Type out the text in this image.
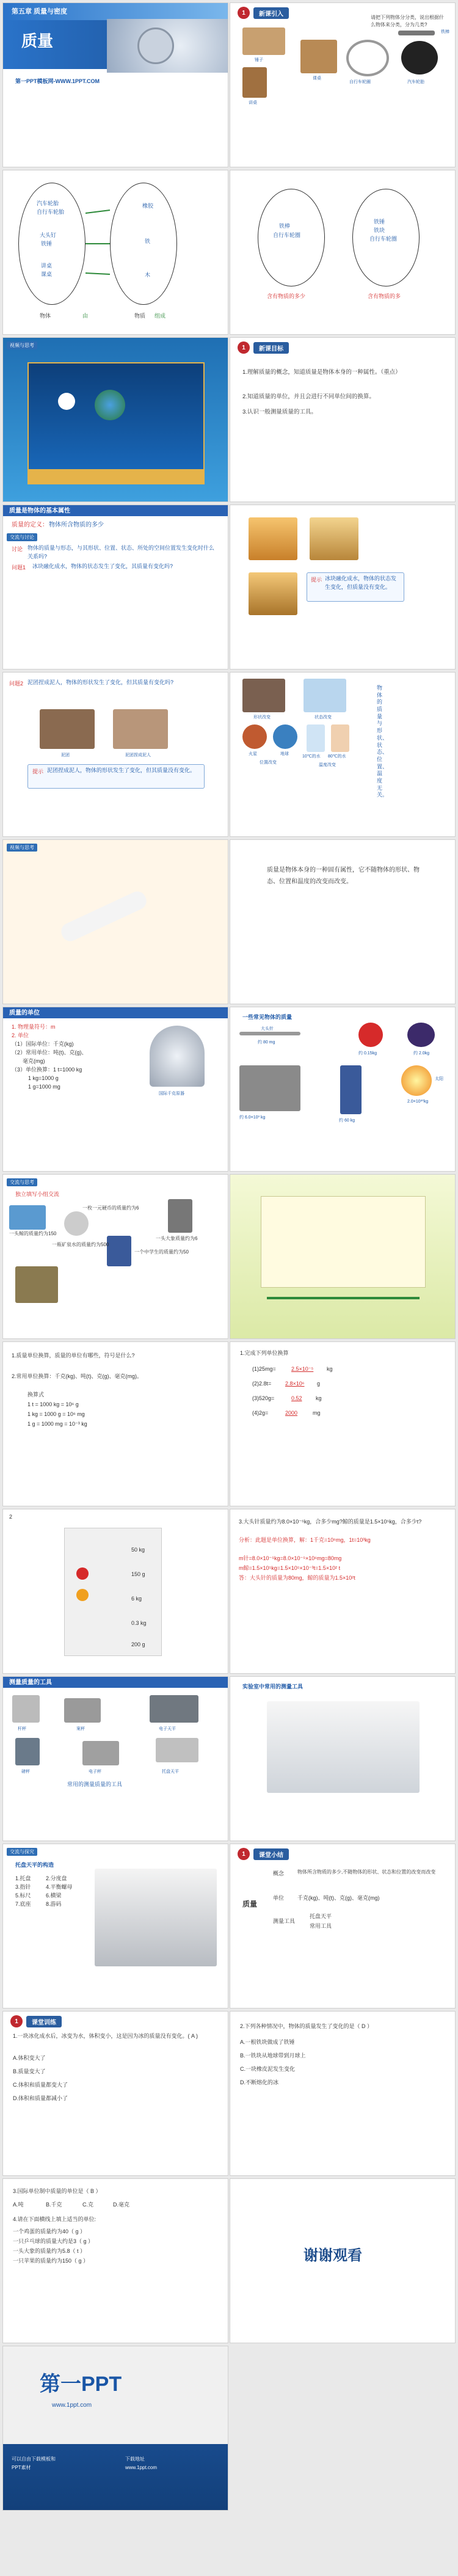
第五章 质量与密度
质量
第一PPT模板网-WWW.1PPT.COM
1	新课引入	请把下列物体分分类，说出根据什么物体来分类，分为几类?
锤子
讲桌
课桌
铁棒
自行车轮圈	汽车轮胎
汽车轮胎
自行车轮胎
大头钉
铁锤
讲桌
课桌
橡胶
铁
木
物体	由	物质 组成
铁棒
自行车轮圈
铁锤
铁块
自行车轮圈
含有物质的多少	含有物质的多
视频与思考	1	新课目标
1.理解质量的概念，知道质量是物体本身的一种属性。（重点）
2.知道质量的单位，并且会进行不同单位间的换算。
3.认识一般测量质量的工具。
质量是物体的基本属性
质量的定义： 物体所含物质的多少
交流与讨论
讨论 物体的质量与形态，与其形状、位置、状态、所处的空间位置发生变化时什么关系吗?
问题1 冰块融化成水，物体的状态发生了变化，其质量有变化吗?
提示 冰块融化成水，物体的状态发生变化，但质量没有变化。
问题2 泥团捏成泥人，物体的形状发生了变化，但其质量有变化吗?
泥团	泥团捏成泥人
提示 泥团捏成泥人，物体的形状发生了变化，但其质量没有变化。
形状改变
火星	地球
位置改变
状态改变
10℃的水 80℃的水
温度改变
物体的质量与形状、状态、位置、温度无关。
视频与思考
质量是物体本身的一种固有属性，它不随物体的形状、物态、位置和温度的改变而改变。
质量的单位
1. 物理量符号：m
2. 单位
（1）国际单位：千克(kg)
（2）常用单位：吨(t)、克(g)、
　　毫克(mg)
（3）单位换算：1 t=1000 kg
　　　1 kg=1000 g
　　　1 g=1000 mg
国际千克原器
一些常见物体的质量
大头针
约 80 mg
约 0.15kg	约 2.0kg
约 6.0×10³ kg
约 60 kg
太阳
2.0×10³⁰kg
交流与思考
独立填写小组交流
一头鲸的质量约为150
一枚一元硬币的质量约为6
一头大象质量约为6
一个中学生的质量约为50
一瓶矿泉水的质量约为500
1.质量单位换算，质量的单位有哪些，符号是什么?
2.常用单位换算：千克(kg)、吨(t)、克(g)、毫克(mg)。
换算式
1 t = 1000 kg = 10⁶ g
1 kg = 1000 g = 10⁶ mg
1 g = 1000 mg = 10⁻³ kg
1.完成下列单位换算
(1)25mg=	2.5×10⁻⁵ kg
(2)2.8t=	2.8×10⁶ g
(3)520g=	0.52 kg
(4)2g=	2000	mg
2
50 kg
150 g
6 kg
0.3 kg
200 g
3.大头针质量约为8.0×10⁻⁵kg，合多少mg?鲸的质量是1.5×10⁵kg，合多少t?
分析：此题是单位换算，解：1千克=10⁶mg，1t=10³kg
m针=8.0×10⁻⁵kg=8.0×10⁻⁵×10⁶mg=80mg
m鲸=1.5×10⁵kg=1.5×10⁵×10⁻³t=1.5×10² t
答：大头针的质量为80mg，鲸的质量为1.5×10²t
测量质量的工具
杆秤	案秤	电子天平
磅秤	电子秤	托盘天平
常用的测量质量的工具
实验室中常用的测量工具
交流与探究
托盘天平的构造
1.托盘	2.分度盘
3.指针	4.平衡螺母
5.标尺	6.横梁
7.底座	8.游码
1	课堂小结
质量
概念	物体所含物质的多少,不随物体的形状、状态和位置的改变而改变
单位 千克(kg)、吨(t)、克(g)、毫克(mg)
测量工具
托盘天平
常用工具
1	课堂训练
1.一块冰化成水后，冰变为水，体积变小，这是因为冰的质量没有变化。( A )
A.体积变大了
B.质量变大了
C.体积和质量都变大了
D.体积和质量都减小了
2.下列各种情况中，物体的质量发生了变化的是（ D ）
A.一根铁块做成了铁锤
B.一铁块从地球带到月球上
C.一块橡皮泥发生变化
D.不断熔化的冰
3.国际单位制中质量的单位是（ B ）
A.吨	B.千克	C.克	D.毫克
4.请在下面横线上填上适当的单位:
一个鸡蛋的质量约为40（ g ）
一只乒乓球的质量大约是3（ g ）
一头大象的质量约为5.8（ t ）
一只苹果的质量约为150（ g ）	谢谢观看
第一PPT
www.1ppt.com
可以自由下载模板和
PPT素材
下载地址
www.1ppt.com
